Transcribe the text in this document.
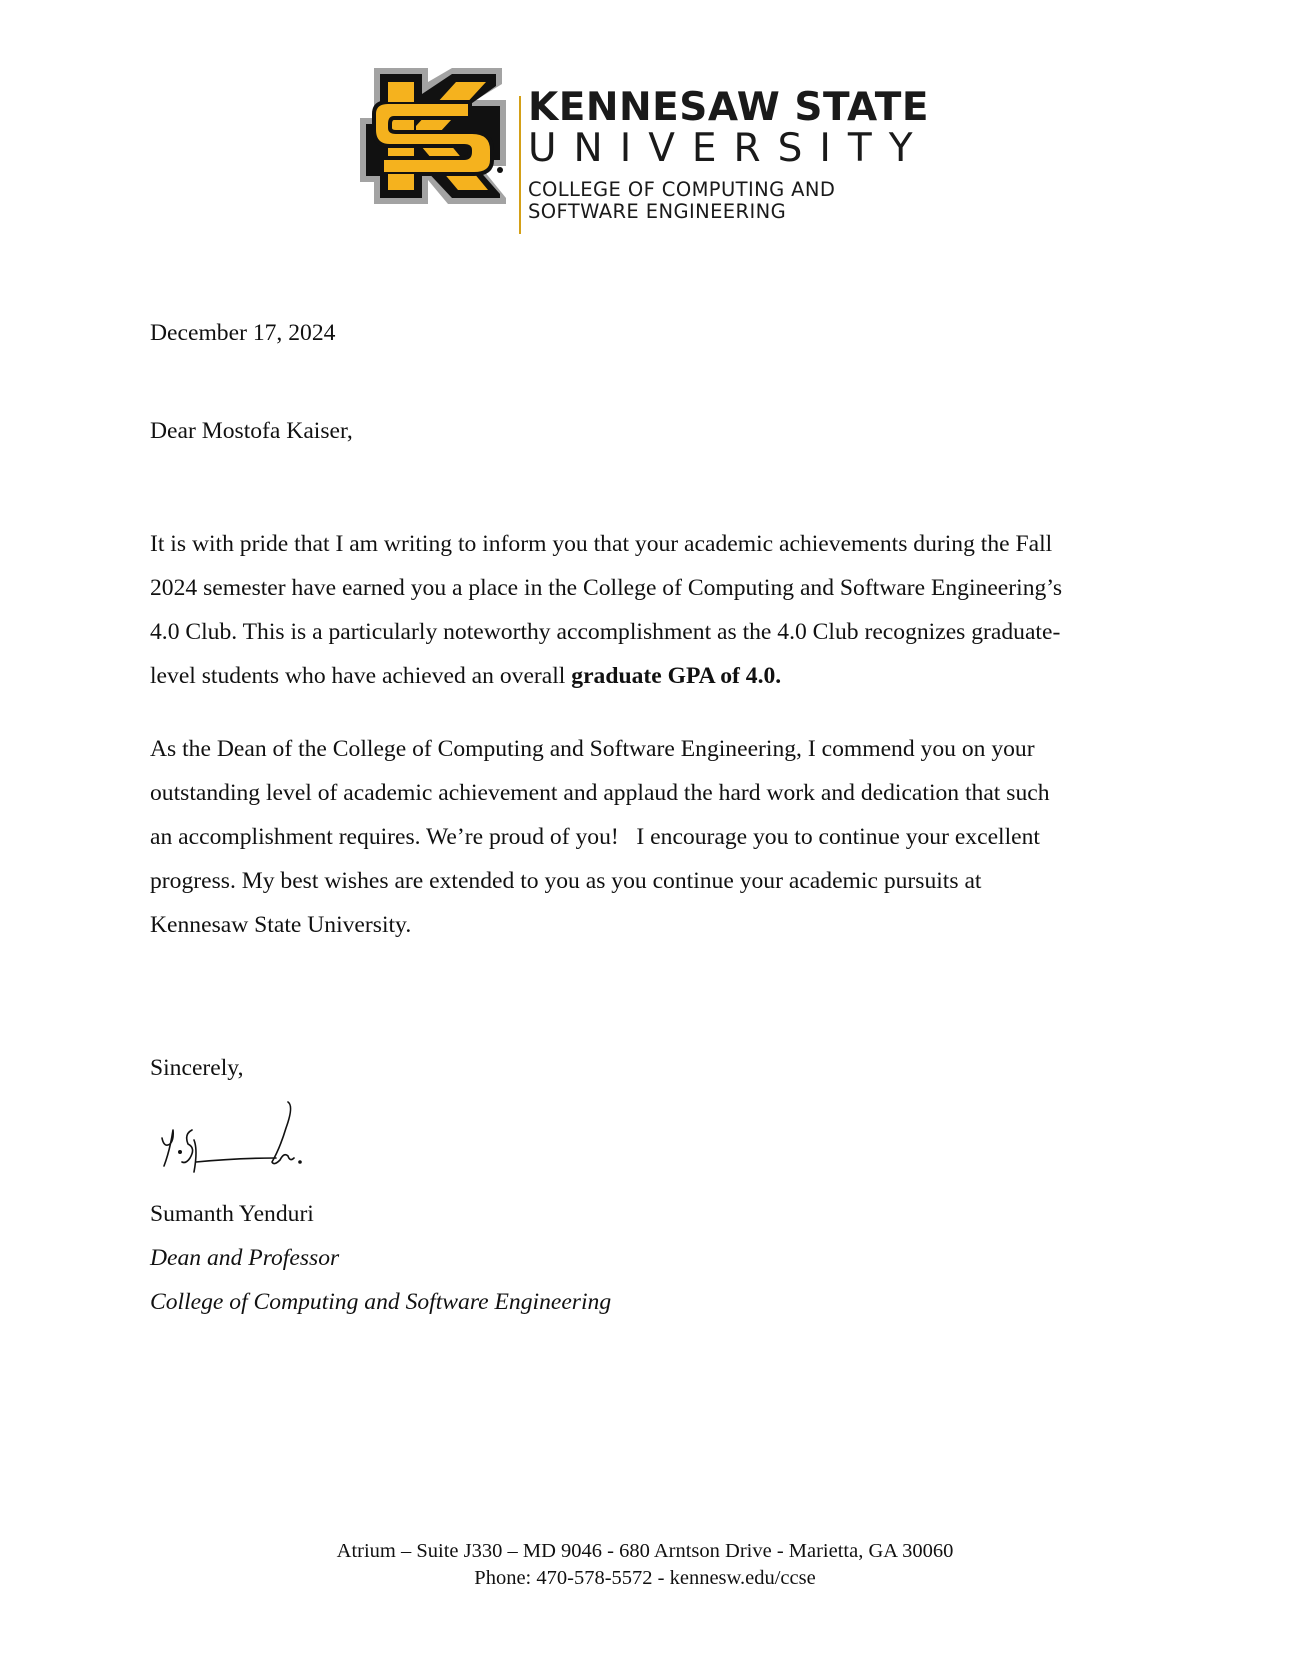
KENNESAW STATE
UNIVERSITY
COLLEGE OF COMPUTING AND
SOFTWARE ENGINEERING
December 17, 2024
Dear Mostofa Kaiser,
It is with pride that I am writing to inform you that your academic achievements during the Fall
2024 semester have earned you a place in the College of Computing and Software Engineering’s
4.0 Club. This is a particularly noteworthy accomplishment as the 4.0 Club recognizes graduate-
level students who have achieved an overall graduate GPA of 4.0.
As the Dean of the College of Computing and Software Engineering, I commend you on your
outstanding level of academic achievement and applaud the hard work and dedication that such
an accomplishment requires. We’re proud of you!   I encourage you to continue your excellent
progress. My best wishes are extended to you as you continue your academic pursuits at
Kennesaw State University.
Sincerely,
Sumanth Yenduri
Dean and Professor
College of Computing and Software Engineering
Atrium – Suite J330 – MD 9046 - 680 Arntson Drive - Marietta, GA 30060
Phone: 470-578-5572 - kennesw.edu/ccse
